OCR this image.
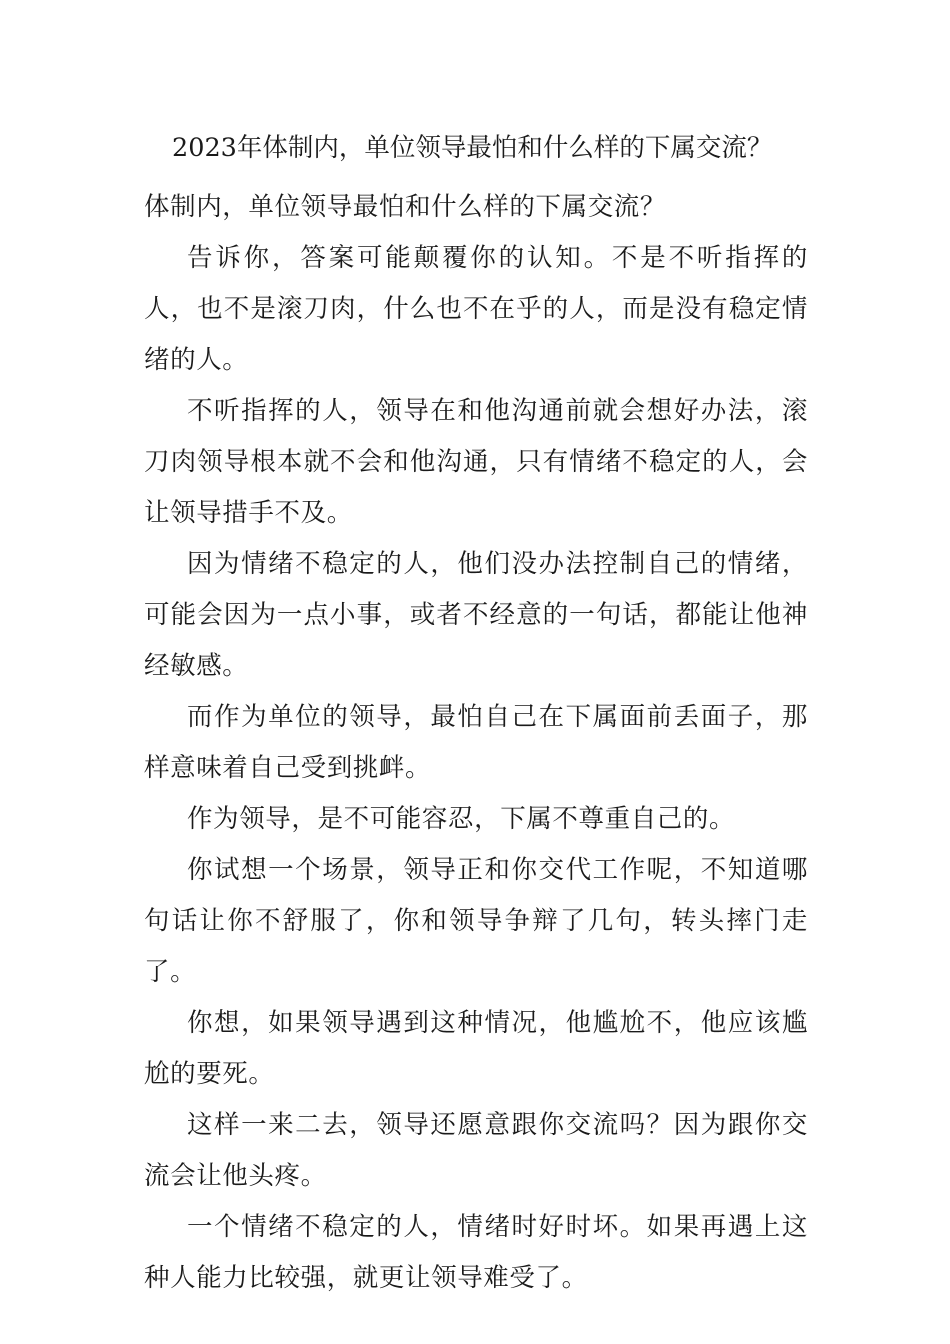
2023年体制内，单位领导最怕和什么样的下属交流？

体制内，单位领导最怕和什么样的下属交流？

告诉你，答案可能颠覆你的认知。不是不听指挥的人，也不是滚刀肉，什么也不在乎的人，而是没有稳定情绪的人。

不听指挥的人，领导在和他沟通前就会想好办法，滚刀肉领导根本就不会和他沟通，只有情绪不稳定的人，会让领导措手不及。

因为情绪不稳定的人，他们没办法控制自己的情绪，可能会因为一点小事，或者不经意的一句话，都能让他神经敏感。

而作为单位的领导，最怕自己在下属面前丢面子，那样意味着自己受到挑衅。

作为领导，是不可能容忍，下属不尊重自己的。

你试想一个场景，领导正和你交代工作呢，不知道哪句话让你不舒服了，你和领导争辩了几句，转头摔门走了。

你想，如果领导遇到这种情况，他尴尬不，他应该尴尬的要死。

这样一来二去，领导还愿意跟你交流吗？因为跟你交流会让他头疼。

一个情绪不稳定的人，情绪时好时坏。如果再遇上这种人能力比较强，就更让领导难受了。
